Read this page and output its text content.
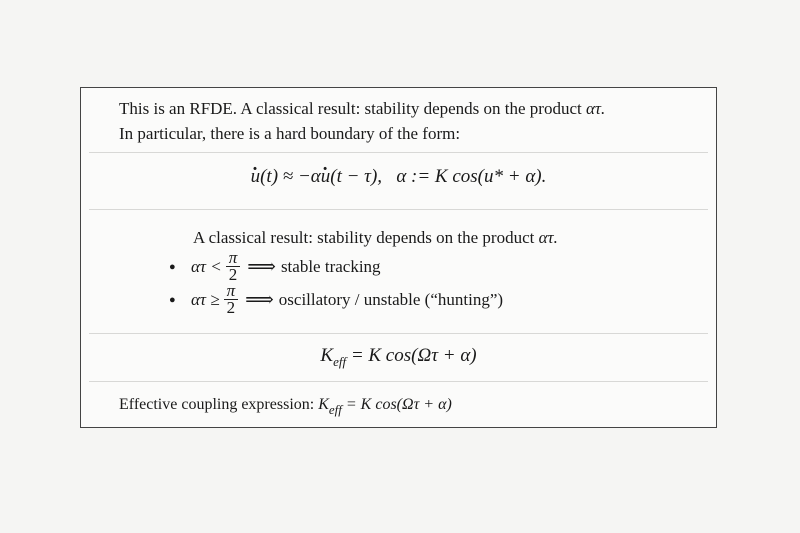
This is an RFDE. A classical result: stability depends on the product ατ.
In particular, there is a hard boundary of the form:
. u(t) ≈ −α. u(t − τ), α := K cos(u* + α).
A classical result: stability depends on the product ατ.
● $\alpha\tau < \frac{\pi}{2}$ ⟹ stable tracking
● $\alpha\tau \ge \frac{\pi}{2}$ ⟹ oscillatory / unstable (“hunting”)
$K_{eff} = K$ cos(Ωτ + α)
Effective coupling expression: $K_{eff} = K$ cos(Ωτ + α)
